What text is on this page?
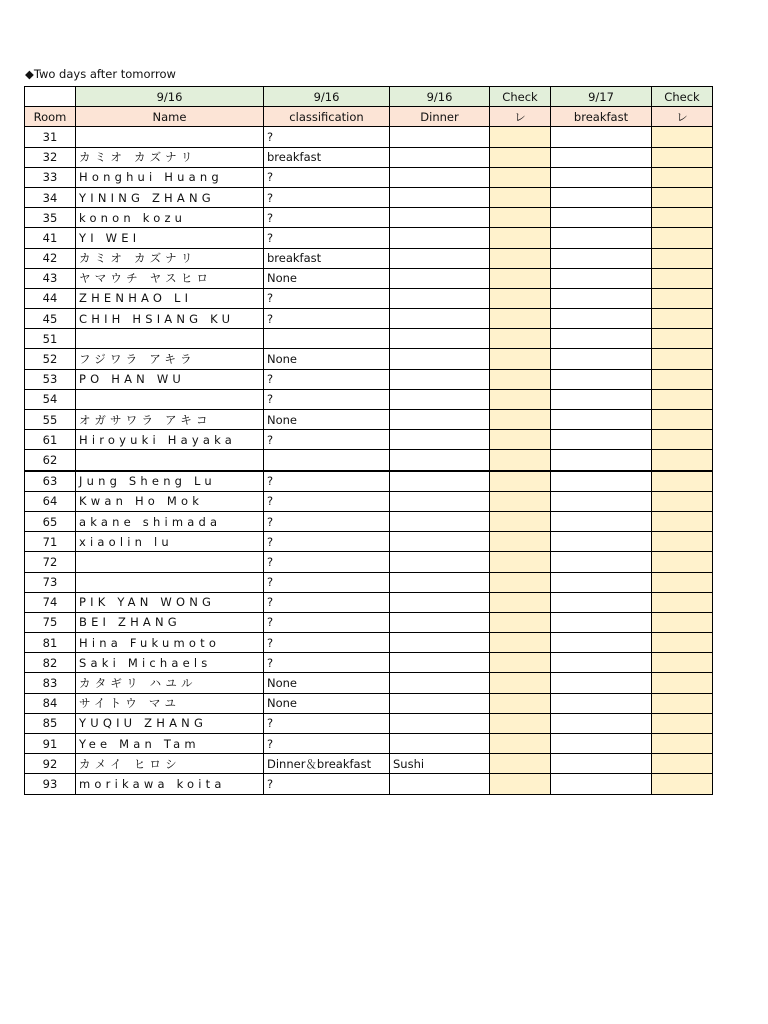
◆Two days after tomorrow
	9/16	9/16	9/16	Check	9/17	Check
Room	Name	classification	Dinner	レ	breakfast	レ
31		?				
32	カミオ カズナリ	breakfast				
33	Honghui Huang	?				
34	YINING ZHANG	?				
35	konon kozu	?				
41	YI WEI	?				
42	カミオ カズナリ	breakfast				
43	ヤマウチ ヤスヒロ	None				
44	ZHENHAO LI	?				
45	CHIH HSIANG KU	?				
51						
52	フジワラ アキラ	None				
53	PO HAN WU	?				
54		?				
55	オガサワラ アキコ	None				
61	Hiroyuki Hayaka	?				
62						
63	Jung Sheng Lu	?				
64	Kwan Ho Mok	?				
65	akane shimada	?				
71	xiaolin lu	?				
72		?				
73		?				
74	PIK YAN WONG	?				
75	BEI ZHANG	?				
81	Hina Fukumoto	?				
82	Saki Michaels	?				
83	カタギリ ハユル	None				
84	サイトウ マユ	None				
85	YUQIU ZHANG	?				
91	Yee Man Tam	?				
92	カメイ ヒロシ	Dinner＆breakfast	Sushi			
93	morikawa koita	?				
